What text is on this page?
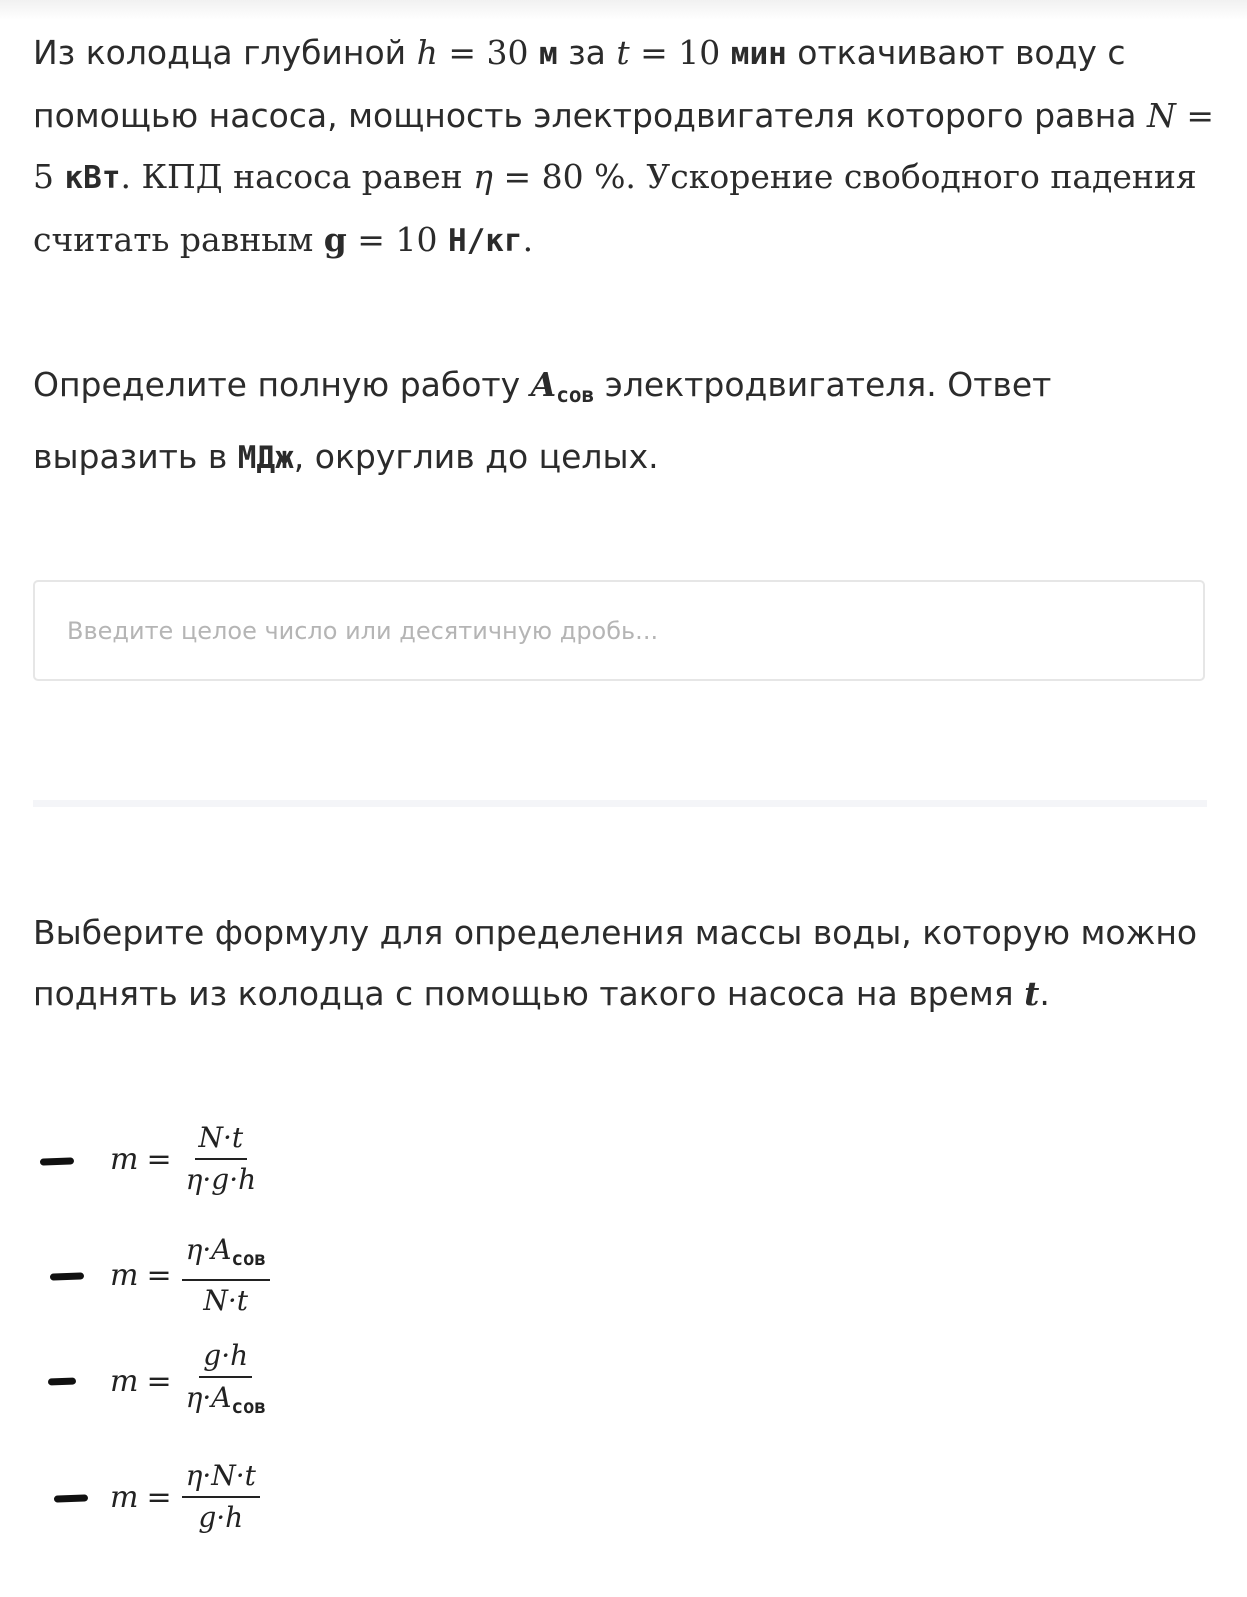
Из колодца глубиной h = 30 м за t = 10 мин откачивают воду с помощью насоса, мощность электродвигателя которого равна N = 5 кВт. КПД насоса равен η = 80 %. Ускорение свободного падения считать равным g = 10 Н/кг.
Определите полную работу $A_{сов}$ электродвигателя. Ответ выразить в МДж, округлив до целых.
Введите целое число или десятичную дробь...
Выберите формулу для определения массы воды, которую можно поднять из колодца с помощью такого насоса на время t.
$m = \frac{N\cdot t}{\eta\cdot g\cdot h}$
$m = \frac{\eta\cdot A_{сов}}{N\cdot t}$
$m = \frac{g\cdot h}{\eta\cdot A_{сов}}$
$m = \frac{\eta\cdot N\cdot t}{g\cdot h}$
